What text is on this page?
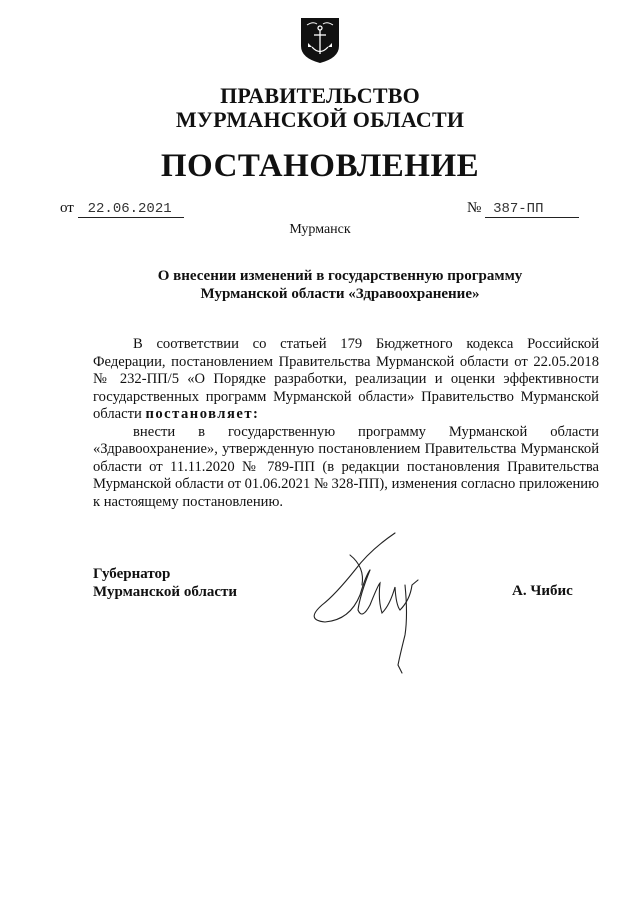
ПРАВИТЕЛЬСТВО
МУРМАНСКОЙ ОБЛАСТИ
ПОСТАНОВЛЕНИЕ
от 22.06.2021	№ 387-ПП
Мурманск
О внесении изменений в государственную программу
Мурманской области «Здравоохранение»

В соответствии со статьей 179 Бюджетного кодекса Российской Федерации, постановлением Правительства Мурманской области от 22.05.2018 № 232-ПП/5 «О Порядке разработки, реализации и оценки эффективности государственных программ Мурманской области» Правительство Мурманской области постановляет:

внести в государственную программу Мурманской области «Здравоохранение», утвержденную постановлением Правительства Мурманской области от 11.11.2020 № 789-ПП (в редакции постановления Правительства Мурманской области от 01.06.2021 № 328-ПП), изменения согласно приложению к настоящему постановлению.

Губернатор
Мурманской области	А. Чибис
